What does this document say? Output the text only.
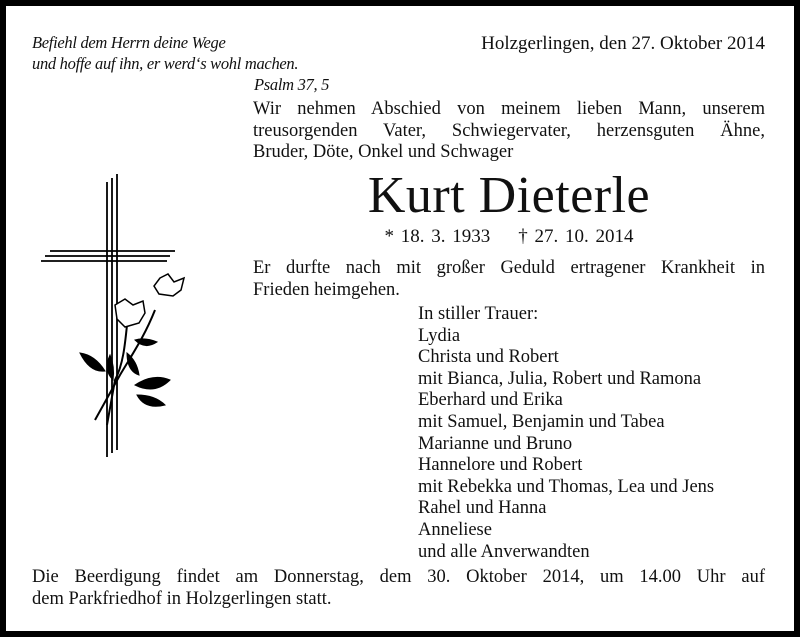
Befiehl dem Herrn deine Wege
und hoffe auf ihn, er werd‘s wohl machen.
Psalm 37, 5
Holzgerlingen, den 27. Oktober 2014
Wir nehmen Abschied von meinem lieben Mann, unserem
treusorgenden Vater, Schwiegervater, herzensguten Ähne,
Bruder, Döte, Onkel und Schwager
Kurt Dieterle
* 18. 3. 1933 † 27. 10. 2014
Er durfte nach mit großer Geduld ertragener Krankheit in
Frieden heimgehen.
In stiller Trauer:
Lydia
Christa und Robert
mit Bianca, Julia, Robert und Ramona
Eberhard und Erika
mit Samuel, Benjamin und Tabea
Marianne und Bruno
Hannelore und Robert
mit Rebekka und Thomas, Lea und Jens
Rahel und Hanna
Anneliese
und alle Anverwandten
Die Beerdigung findet am Donnerstag, dem 30. Oktober 2014, um 14.00 Uhr auf
dem Parkfriedhof in Holzgerlingen statt.
